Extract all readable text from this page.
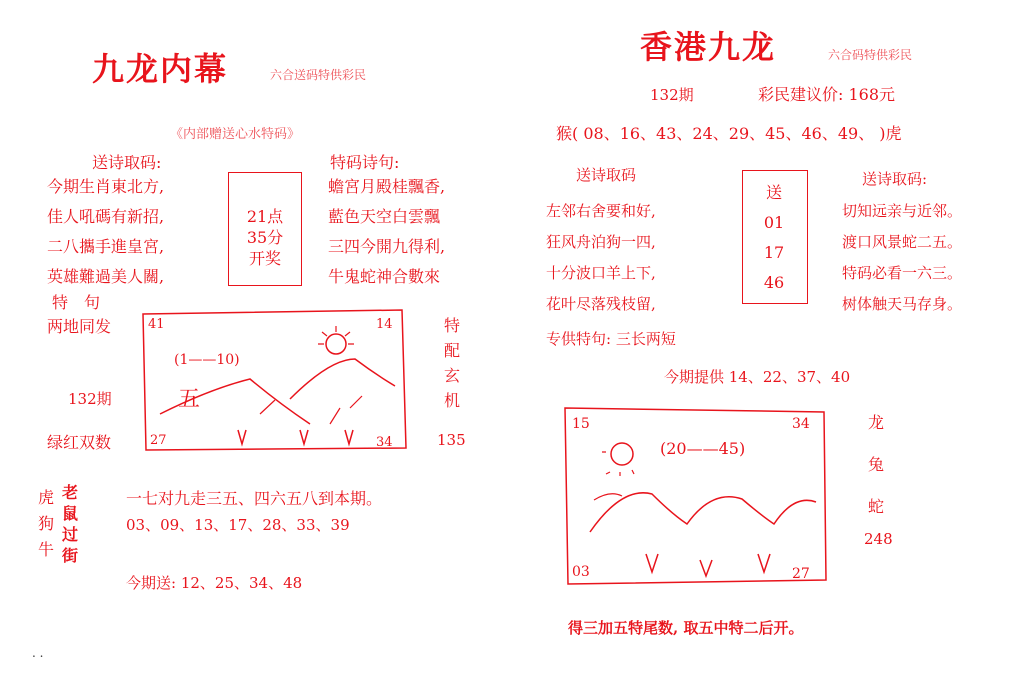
九龙内幕	六合送码特供彩民
《内部赠送心水特码》
送诗取码:
今期生肖東北方,
佳人吼碼有新招,
二八攜手進皇宮,
英雄難過美人關,
21点
35分
开奖
特码诗句:
蟾宮月殿桂飄香,
藍色天空白雲飄
三四今開九得利,
牛鬼蛇神合數來
特　句
两地同发
132期
绿红双数
41	14
27	34
(1——10)
五
特
配
玄
机
135
虎
狗
牛
老
鼠
过
街
一七对九走三五、四六五八到本期。
03、09、13、17、28、33、39
今期送: 12、25、34、48
香港九龙	六合码特供彩民
132期	彩民建议价: 168元
猴( 08、16、43、24、29、45、46、49、 )虎
送诗取码
左邻右舍要和好,
狂风舟泊狗一四,
十分波口羊上下,
花叶尽落残枝留,
送
01
17
46
送诗取码:
切知远亲与近邻。
渡口风景蛇二五。
特码必看一六三。
树体触天马存身。
专供特句: 三长两短
今期提供 14、22、37、40
15	34
03	27
(20——45)
龙
兔
蛇
248
得三加五特尾数, 取五中特二后开。
. .
